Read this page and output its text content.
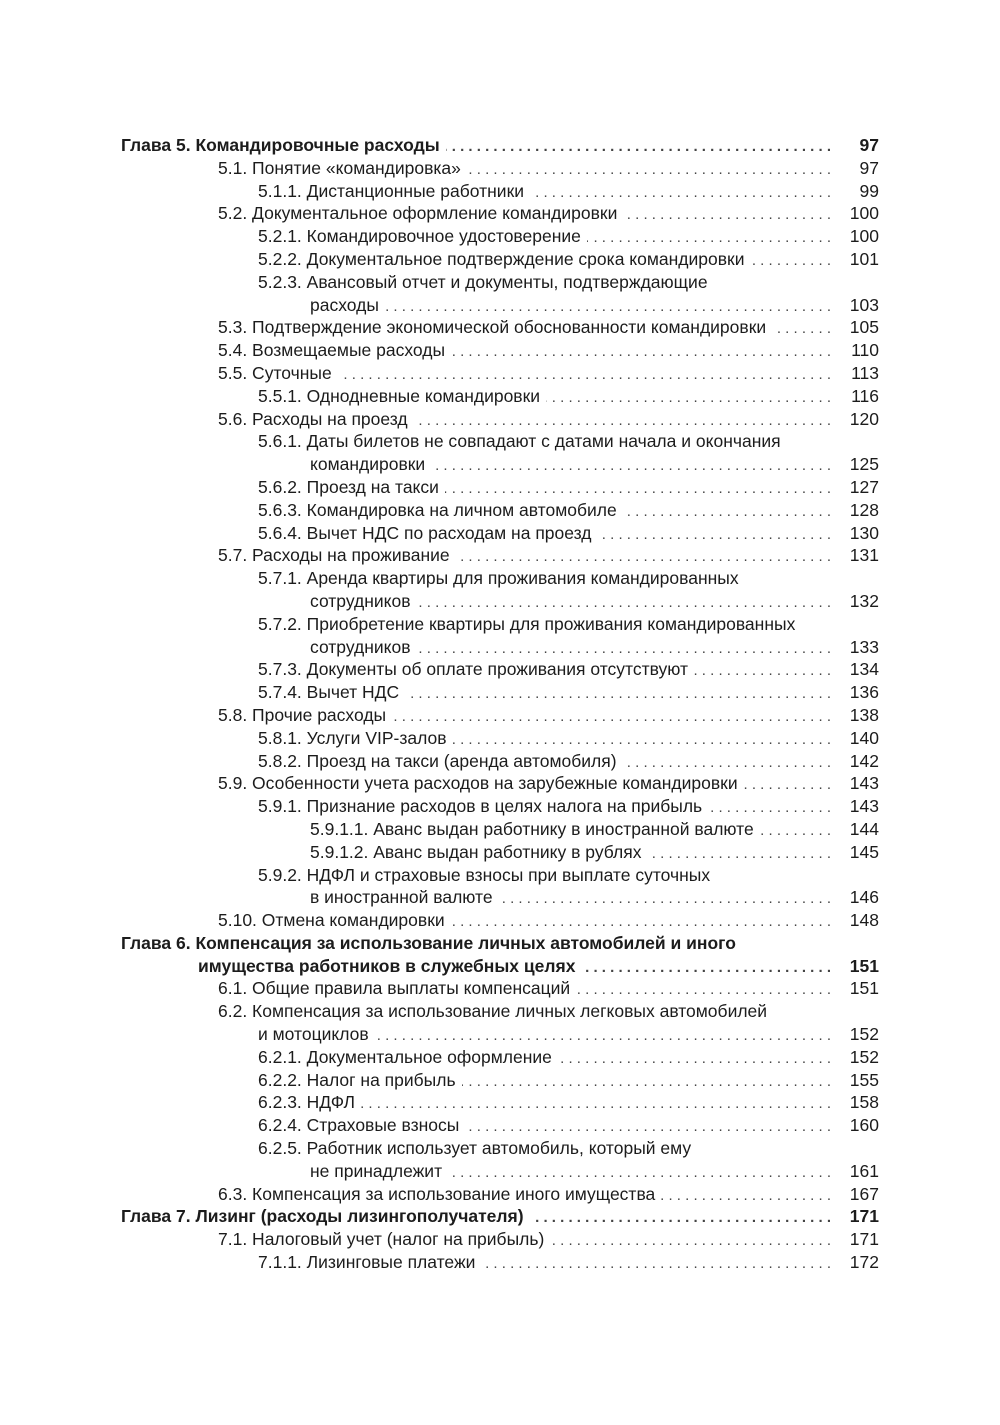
Глава 5. Командировочные расходы . . .	97
5.1. Понятие «командировка» . . .	97
5.1.1. Дистанционные работники . . .	99
5.2. Документальное оформление командировки . . .	100
5.2.1. Командировочное удостоверение . . .	100
5.2.2. Документальное подтверждение срока командировки . . .	101
5.2.3. Авансовый отчет и документы, подтверждающие
расходы . . .	103
5.3. Подтверждение экономической обоснованности командировки . . .	105
5.4. Возмещаемые расходы . . .	110
5.5. Суточные . . .	113
5.5.1. Однодневные командировки . . .	116
5.6. Расходы на проезд . . .	120
5.6.1. Даты билетов не совпадают с датами начала и окончания
командировки . . .	125
5.6.2. Проезд на такси . . .	127
5.6.3. Командировка на личном автомобиле . . .	128
5.6.4. Вычет НДС по расходам на проезд . . .	130
5.7. Расходы на проживание . . .	131
5.7.1. Аренда квартиры для проживания командированных
сотрудников . . .	132
5.7.2. Приобретение квартиры для проживания командированных
сотрудников . . .	133
5.7.3. Документы об оплате проживания отсутствуют . . .	134
5.7.4. Вычет НДС . . .	136
5.8. Прочие расходы . . .	138
5.8.1. Услуги VIP-залов . . .	140
5.8.2. Проезд на такси (аренда автомобиля) . . .	142
5.9. Особенности учета расходов на зарубежные командировки . . .	143
5.9.1. Признание расходов в целях налога на прибыль . . .	143
5.9.1.1. Аванс выдан работнику в иностранной валюте . . .	144
5.9.1.2. Аванс выдан работнику в рублях . . .	145
5.9.2. НДФЛ и страховые взносы при выплате суточных
в иностранной валюте . . .	146
5.10. Отмена командировки . . .	148
Глава 6. Компенсация за использование личных автомобилей и иного
имущества работников в служебных целях . . .	151
6.1. Общие правила выплаты компенсаций . . .	151
6.2. Компенсация за использование личных легковых автомобилей
и мотоциклов . . .	152
6.2.1. Документальное оформление . . .	152
6.2.2. Налог на прибыль . . .	155
6.2.3. НДФЛ . . .	158
6.2.4. Страховые взносы . . .	160
6.2.5. Работник использует автомобиль, который ему
не принадлежит . . .	161
6.3. Компенсация за использование иного имущества . . .	167
Глава 7. Лизинг (расходы лизингополучателя) . . .	171
7.1. Налоговый учет (налог на прибыль) . . .	171
7.1.1. Лизинговые платежи . . .	172
